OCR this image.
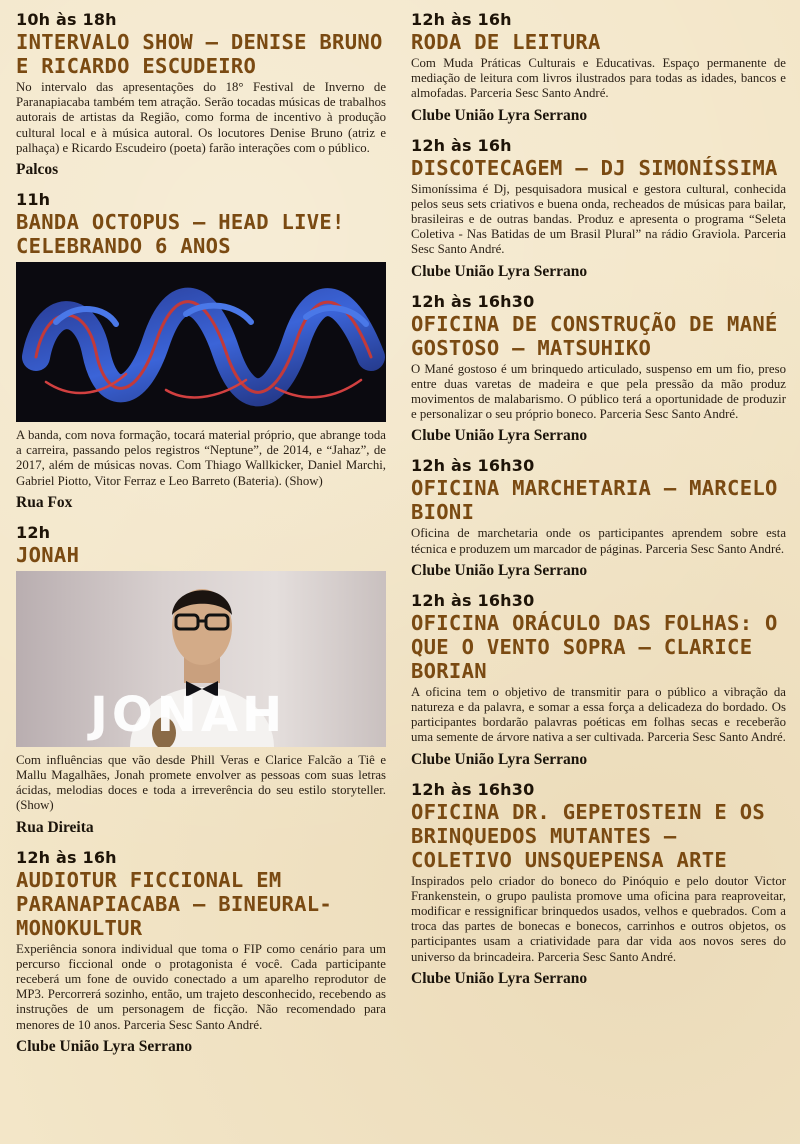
10h às 18h

INTERVALO SHOW – DENISE BRUNO E RICARDO ESCUDEIRO

No intervalo das apresentações do 18° Festival de Inverno de Paranapiacaba também tem atração. Serão tocadas músicas de trabalhos autorais de artistas da Região, como forma de incentivo à produção cultural local e à música autoral. Os locutores Denise Bruno (atriz e palhaça) e Ricardo Escudeiro (poeta) farão interações com o público.

Palcos

11h

BANDA OCTOPUS – HEAD LIVE! CELEBRANDO 6 ANOS

A banda, com nova formação, tocará material próprio, que abrange toda a carreira, passando pelos registros “Neptune”, de 2014, e “Jahaz”, de 2017, além de músicas novas. Com Thiago Wallkicker, Daniel Marchi, Gabriel Piotto, Vitor Ferraz e Leo Barreto (Bateria). (Show)

Rua Fox

12h

JONAH
JONAH

Com influências que vão desde Phill Veras e Clarice Falcão a Tiê e Mallu Magalhães, Jonah promete envolver as pessoas com suas letras ácidas, melodias doces e toda a irreverência do seu estilo storyteller. (Show)

Rua Direita

12h às 16h

AUDIOTUR FICCIONAL EM PARANAPIACABA – BINEURAL-MONOKULTUR

Experiência sonora individual que toma o FIP como cenário para um percurso ficcional onde o protagonista é você. Cada participante receberá um fone de ouvido conectado a um aparelho reprodutor de MP3. Percorrerá sozinho, então, um trajeto desconhecido, recebendo as instruções de um personagem de ficção. Não recomendado para menores de 10 anos. Parceria Sesc Santo André.

Clube União Lyra Serrano

12h às 16h

RODA DE LEITURA

Com Muda Práticas Culturais e Educativas. Espaço permanente de mediação de leitura com livros ilustrados para todas as idades, bancos e almofadas. Parceria Sesc Santo André.

Clube União Lyra Serrano

12h às 16h

DISCOTECAGEM – DJ SIMONÍSSIMA

Simoníssima é Dj, pesquisadora musical e gestora cultural, conhecida pelos seus sets criativos e buena onda, recheados de músicas para bailar, brasileiras e de outras bandas. Produz e apresenta o programa “Seleta Coletiva - Nas Batidas de um Brasil Plural” na rádio Graviola. Parceria Sesc Santo André.

Clube União Lyra Serrano

12h às 16h30

OFICINA DE CONSTRUÇÃO DE MANÉ GOSTOSO – MATSUHIKO

O Mané gostoso é um brinquedo articulado, suspenso em um fio, preso entre duas varetas de madeira e que pela pressão da mão produz movimentos de malabarismo. O público terá a oportunidade de produzir e personalizar o seu próprio boneco. Parceria Sesc Santo André.

Clube União Lyra Serrano

12h às 16h30

OFICINA MARCHETARIA – MARCELO BIONI

Oficina de marchetaria onde os participantes aprendem sobre esta técnica e produzem um marcador de páginas. Parceria Sesc Santo André.

Clube União Lyra Serrano

12h às 16h30

OFICINA ORÁCULO DAS FOLHAS: O QUE O VENTO SOPRA – CLARICE BORIAN

A oficina tem o objetivo de transmitir para o público a vibração da natureza e da palavra, e somar a essa força a delicadeza do bordado. Os participantes bordarão palavras poéticas em folhas secas e receberão uma semente de árvore nativa a ser cultivada. Parceria Sesc Santo André.

Clube União Lyra Serrano

12h às 16h30

OFICINA DR. GEPETOSTEIN E OS BRINQUEDOS MUTANTES – COLETIVO UNSQUEPENSA ARTE

Inspirados pelo criador do boneco do Pinóquio e pelo doutor Victor Frankenstein, o grupo paulista promove uma oficina para reaproveitar, modificar e ressignificar brinquedos usados, velhos e quebrados. Com a troca das partes de bonecas e bonecos, carrinhos e outros objetos, os participantes usam a criatividade para dar vida aos novos seres do universo da brincadeira. Parceria Sesc Santo André.

Clube União Lyra Serrano
